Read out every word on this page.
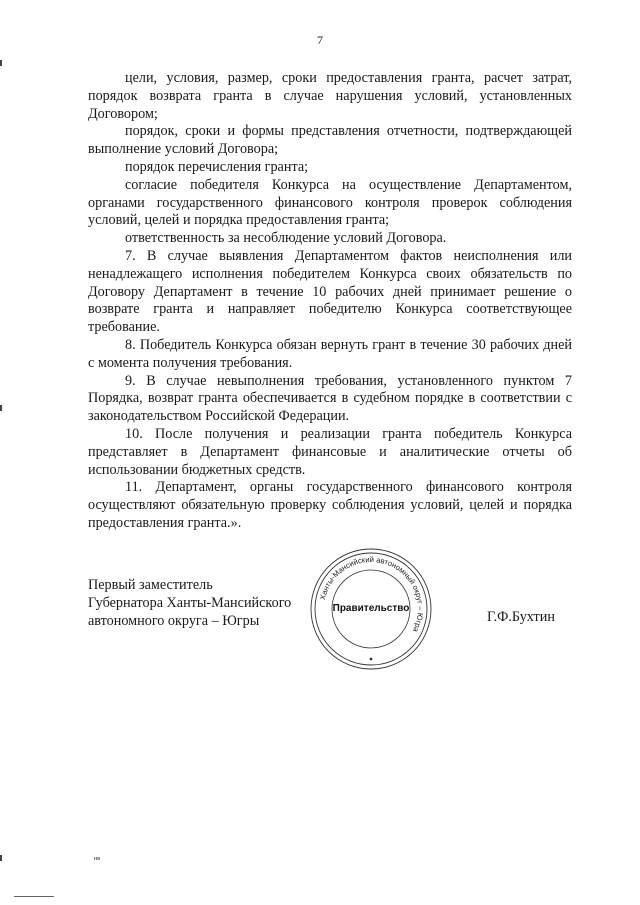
7

цели, условия, размер, сроки предоставления гранта, расчет затрат, порядок возврата гранта в случае нарушения условий, установленных Договором;

порядок, сроки и формы представления отчетности, подтверждающей выполнение условий Договора;

порядок перечисления гранта;

согласие победителя Конкурса на осуществление Департаментом, органами государственного финансового контроля проверок соблюдения условий, целей и порядка предоставления гранта;

ответственность за несоблюдение условий Договора.

7. В случае выявления Департаментом фактов неисполнения или ненадлежащего исполнения победителем Конкурса своих обязательств по Договору Департамент в течение 10 рабочих дней принимает решение о возврате гранта и направляет победителю Конкурса соответствующее требование.

8. Победитель Конкурса обязан вернуть грант в течение 30 рабочих дней с момента получения требования.

9. В случае невыполнения требования, установленного пунктом 7 Порядка, возврат гранта обеспечивается в судебном порядке в соответствии с законодательством Российской Федерации.

10. После получения и реализации гранта победитель Конкурса представляет в Департамент финансовые и аналитические отчеты об использовании бюджетных средств.

11. Департамент, органы государственного финансового контроля осуществляют обязательную проверку соблюдения условий, целей и порядка предоставления гранта.».

Первый заместитель
Губернатора Ханты-Мансийского
автономного округа – Югры
Ханты-Мансийский автономный округ – Югра
Правительство
Г.Ф.Бухтин
нв
